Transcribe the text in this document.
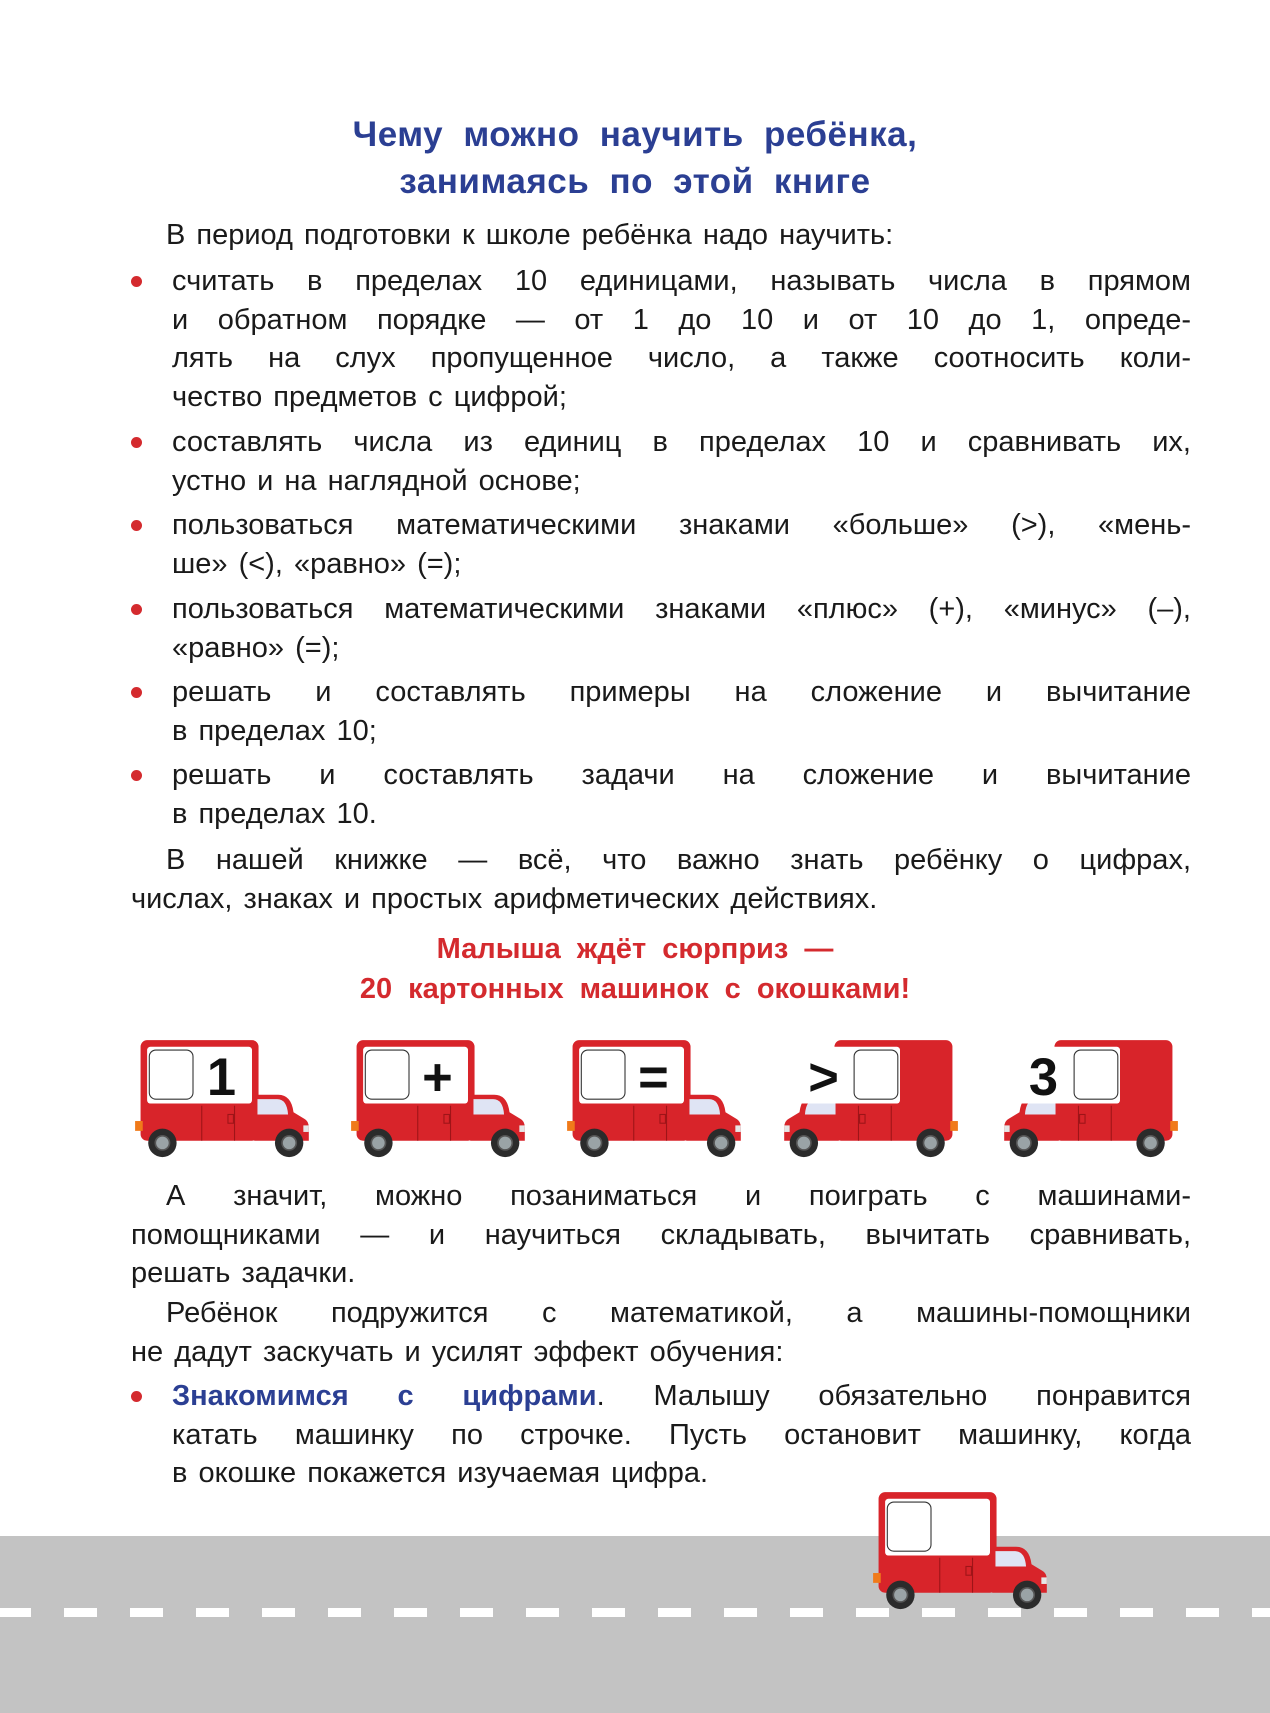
Чему можно научить ребёнка,
занимаясь по этой книге
В период подготовки к школе ребёнка надо научить:
считать в пределах 10 единицами, называть числа в прямом
и обратном порядке — от 1 до 10 и от 10 до 1, опреде-
лять на слух пропущенное число, а также соотносить коли-
чество предметов с цифрой;
составлять числа из единиц в пределах 10 и сравнивать их,
устно и на наглядной основе;
пользоваться математическими знаками «больше» (>), «мень-
ше» (<), «равно» (=);
пользоваться математическими знаками «плюс» (+), «минус» (–),
«равно» (=);
решать и составлять примеры на сложение и вычитание
в пределах 10;
решать и составлять задачи на сложение и вычитание
в пределах 10.
В нашей книжке — всё, что важно знать ребёнку о цифрах,
числах, знаках и простых арифметических действиях.
Малыша ждёт сюрприз —
20 картонных машинок с окошками!
1	+	=	>	3
А значит, можно позаниматься и поиграть с машинами-
помощниками — и научиться складывать, вычитать сравнивать,
решать задачки.
Ребёнок подружится с математикой, а машины-помощники
не дадут заскучать и усилят эффект обучения:
Знакомимся с цифрами. Малышу обязательно понравится
катать машинку по строчке. Пусть остановит машинку, когда
в окошке покажется изучаемая цифра.
